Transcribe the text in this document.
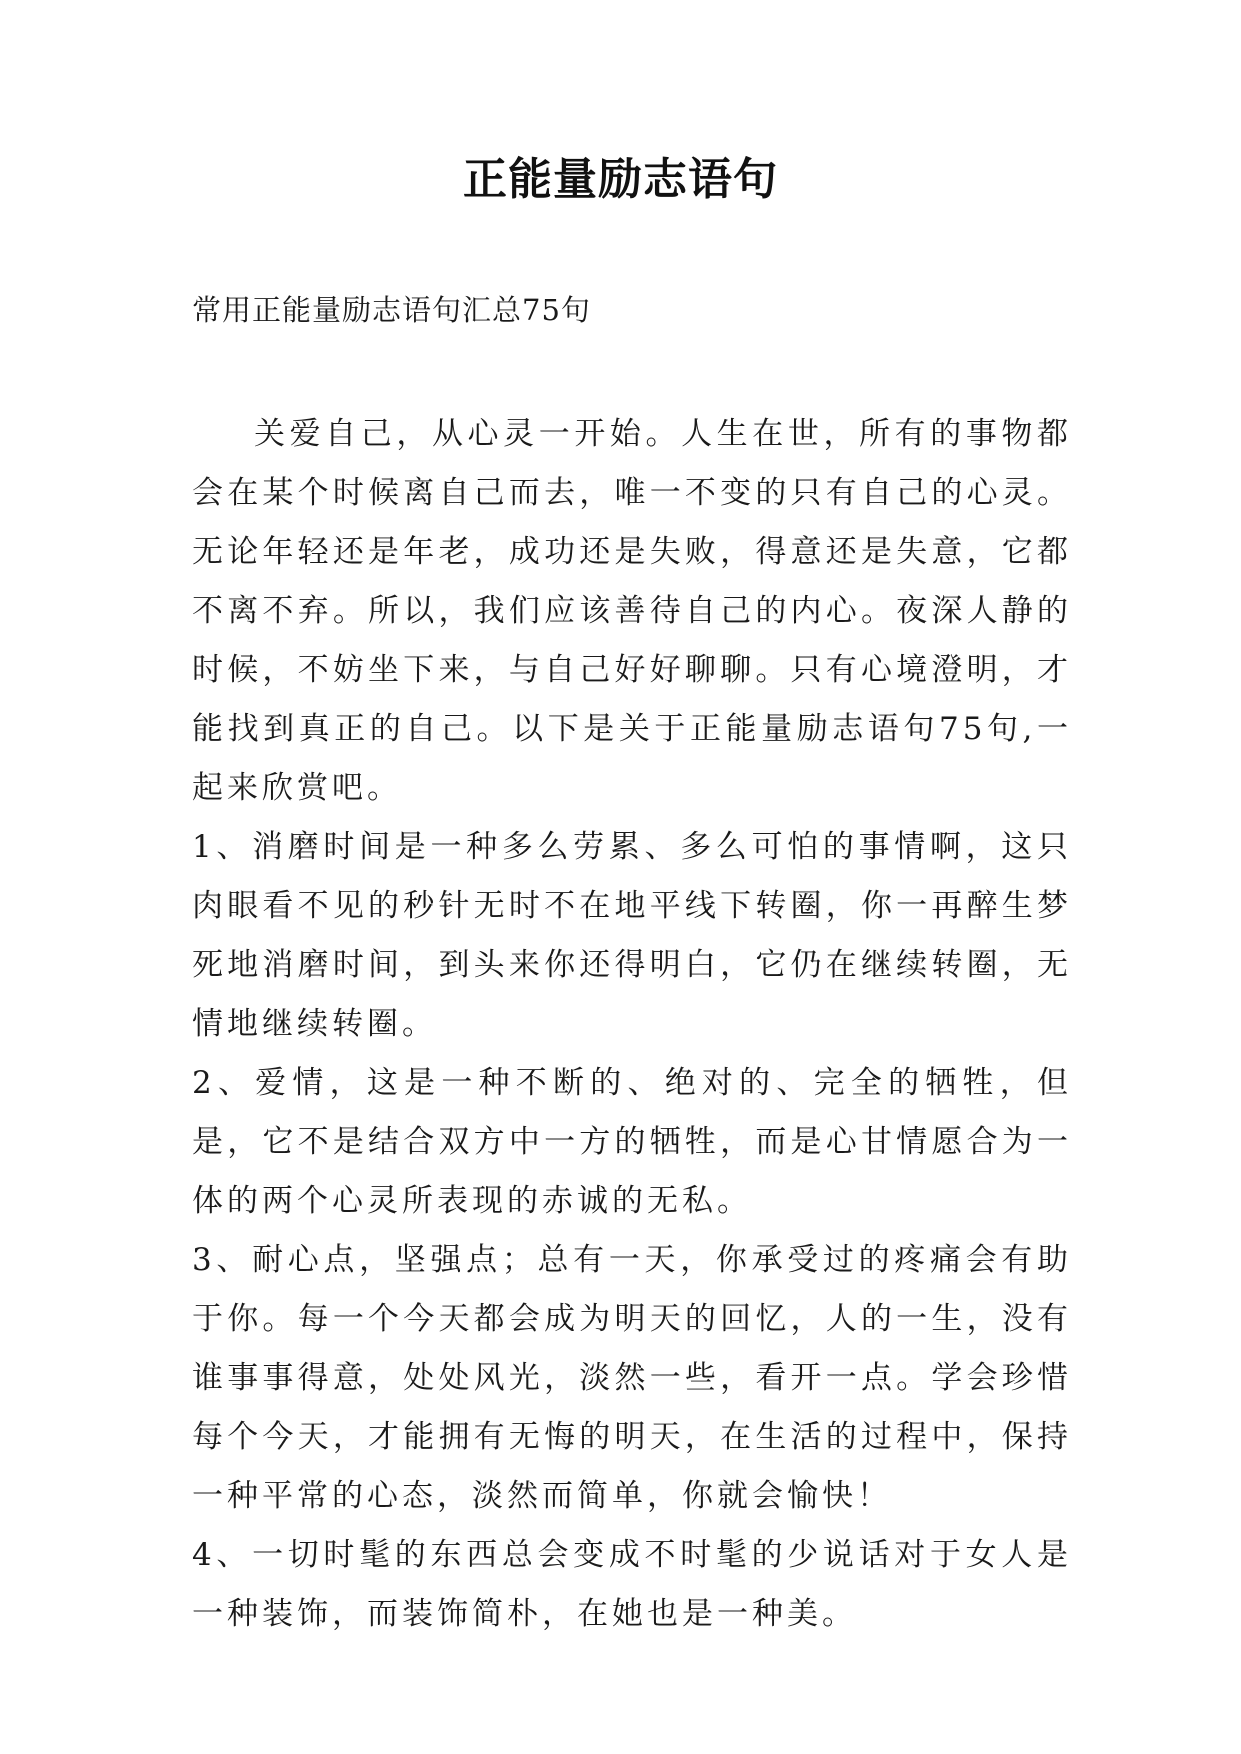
正能量励志语句
常用正能量励志语句汇总75句

关爱自己，从心灵一开始。人生在世，所有的事物都会在某个时候离自己而去，唯一不变的只有自己的心灵。无论年轻还是年老，成功还是失败，得意还是失意，它都不离不弃。所以，我们应该善待自己的内心。夜深人静的时候，不妨坐下来，与自己好好聊聊。只有心境澄明，才能找到真正的自己。以下是关于正能量励志语句75句,一起来欣赏吧。

1、消磨时间是一种多么劳累、多么可怕的事情啊，这只肉眼看不见的秒针无时不在地平线下转圈，你一再醉生梦死地消磨时间，到头来你还得明白，它仍在继续转圈，无情地继续转圈。

2、爱情，这是一种不断的、绝对的、完全的牺牲，但是，它不是结合双方中一方的牺牲，而是心甘情愿合为一体的两个心灵所表现的赤诚的无私。

3、耐心点，坚强点；总有一天，你承受过的疼痛会有助于你。每一个今天都会成为明天的回忆，人的一生，没有谁事事得意，处处风光，淡然一些，看开一点。学会珍惜每个今天，才能拥有无悔的明天，在生活的过程中，保持一种平常的心态，淡然而简单，你就会愉快！

4、一切时髦的东西总会变成不时髦的少说话对于女人是一种装饰，而装饰简朴，在她也是一种美。
